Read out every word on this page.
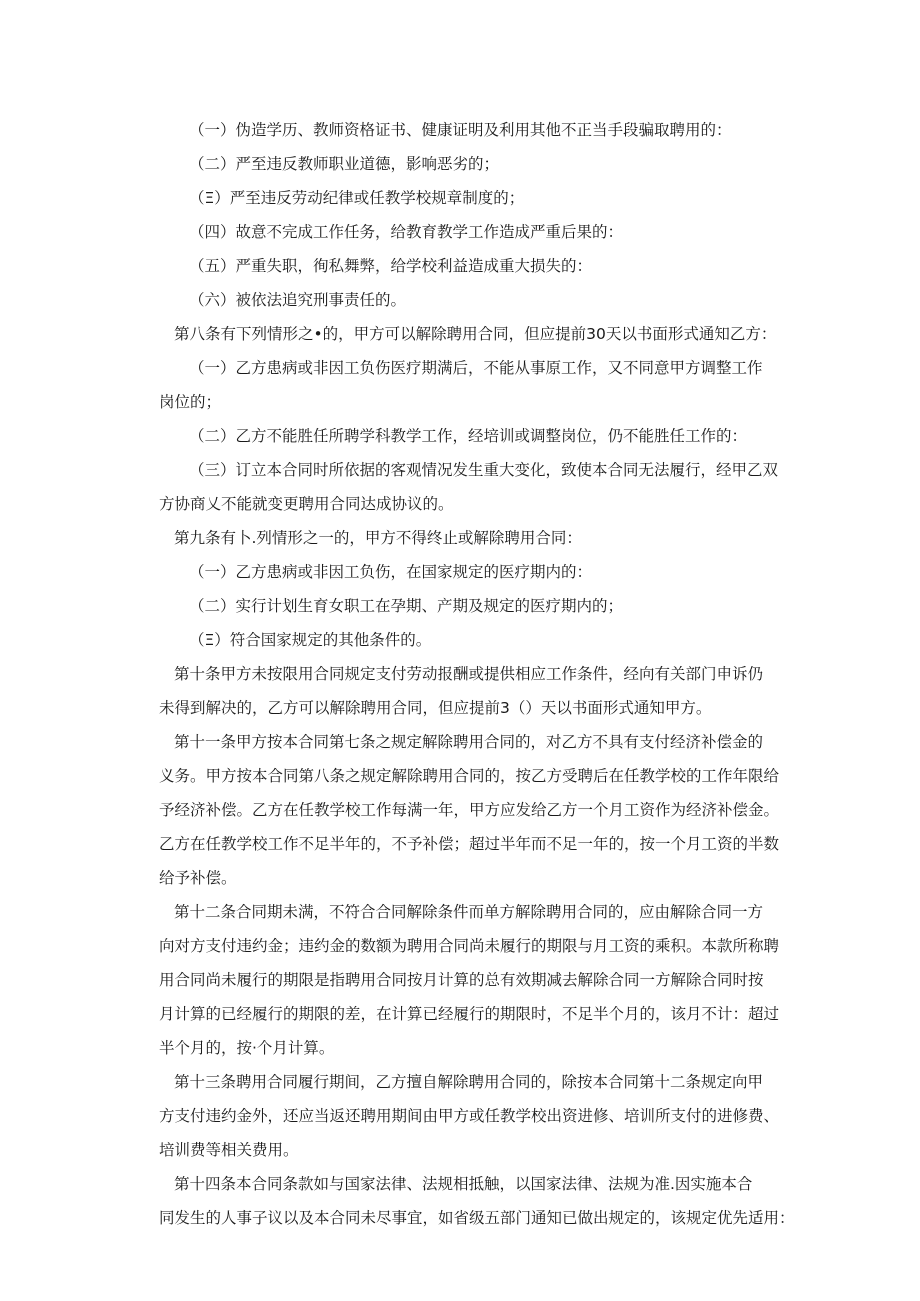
（一）伪造学历、教师资格证书、健康证明及利用其他不正当手段骗取聘用的：
（二）严至违反教师职业道德，影响恶劣的；
（Ξ）严至违反劳动纪律或任教学校规章制度的；
（四）故意不完成工作任务，给教育教学工作造成严重后果的：
（五）严重失职，徇私舞弊，给学校利益造成重大损失的：
（六）被依法追究刑事责任的。
第八条有下列情形之•的，甲方可以解除聘用合同，但应提前30天以书面形式通知乙方：
（一）乙方患病或非因工负伤医疗期满后，不能从事原工作，又不同意甲方调整工作
岗位的；
（二）乙方不能胜任所聘学科教学工作，经培训或调整岗位，仍不能胜任工作的：
（三）订立本合同时所依据的客观情况发生重大变化，致使本合同无法履行，经甲乙双
方协商乂不能就变更聘用合同达成协议的。
第九条有卜.列情形之一的，甲方不得终止或解除聘用合同：
（一）乙方患病或非因工负伤，在国家规定的医疗期内的：
（二）实行计划生育女职工在孕期、产期及规定的医疗期内的；
（Ξ）符合国家规定的其他条件的。
第十条甲方未按限用合同规定支付劳动报酬或提供相应工作条件，经向有关部门申诉仍
未得到解决的，乙方可以解除聘用合同，但应提前3（）天以书面形式通知甲方。
第十一条甲方按本合同第七条之规定解除聘用合同的，对乙方不具有支付经济补偿金的
义务。甲方按本合同第八条之规定解除聘用合同的，按乙方受聘后在任教学校的工作年限给
予经济补偿。乙方在任教学校工作每满一年，甲方应发给乙方一个月工资作为经济补偿金。
乙方在任教学校工作不足半年的，不予补偿；超过半年而不足一年的，按一个月工资的半数
给予补偿。
第十二条合同期未满，不符合合同解除条件而单方解除聘用合同的，应由解除合同一方
向对方支付违约金；违约金的数额为聘用合同尚未履行的期限与月工资的乘积。本款所称聘
用合同尚未履行的期限是指聘用合同按月计算的总有效期减去解除合同一方解除合同时按
月计算的已经履行的期限的差，在计算已经履行的期限时，不足半个月的，该月不计：超过
半个月的，按·个月计算。
第十三条聘用合同履行期间，乙方擅自解除聘用合同的，除按本合同第十二条规定向甲
方支付违约金外，还应当返还聘用期间由甲方或任教学校出资进修、培训所支付的进修费、
培训费等相关费用。
第十四条本合同条款如与国家法律、法规相抵触，以国家法律、法规为准.因实施本合
同发生的人事子议以及本合同未尽事宜，如省级五部门通知已做出规定的，该规定优先适用：
